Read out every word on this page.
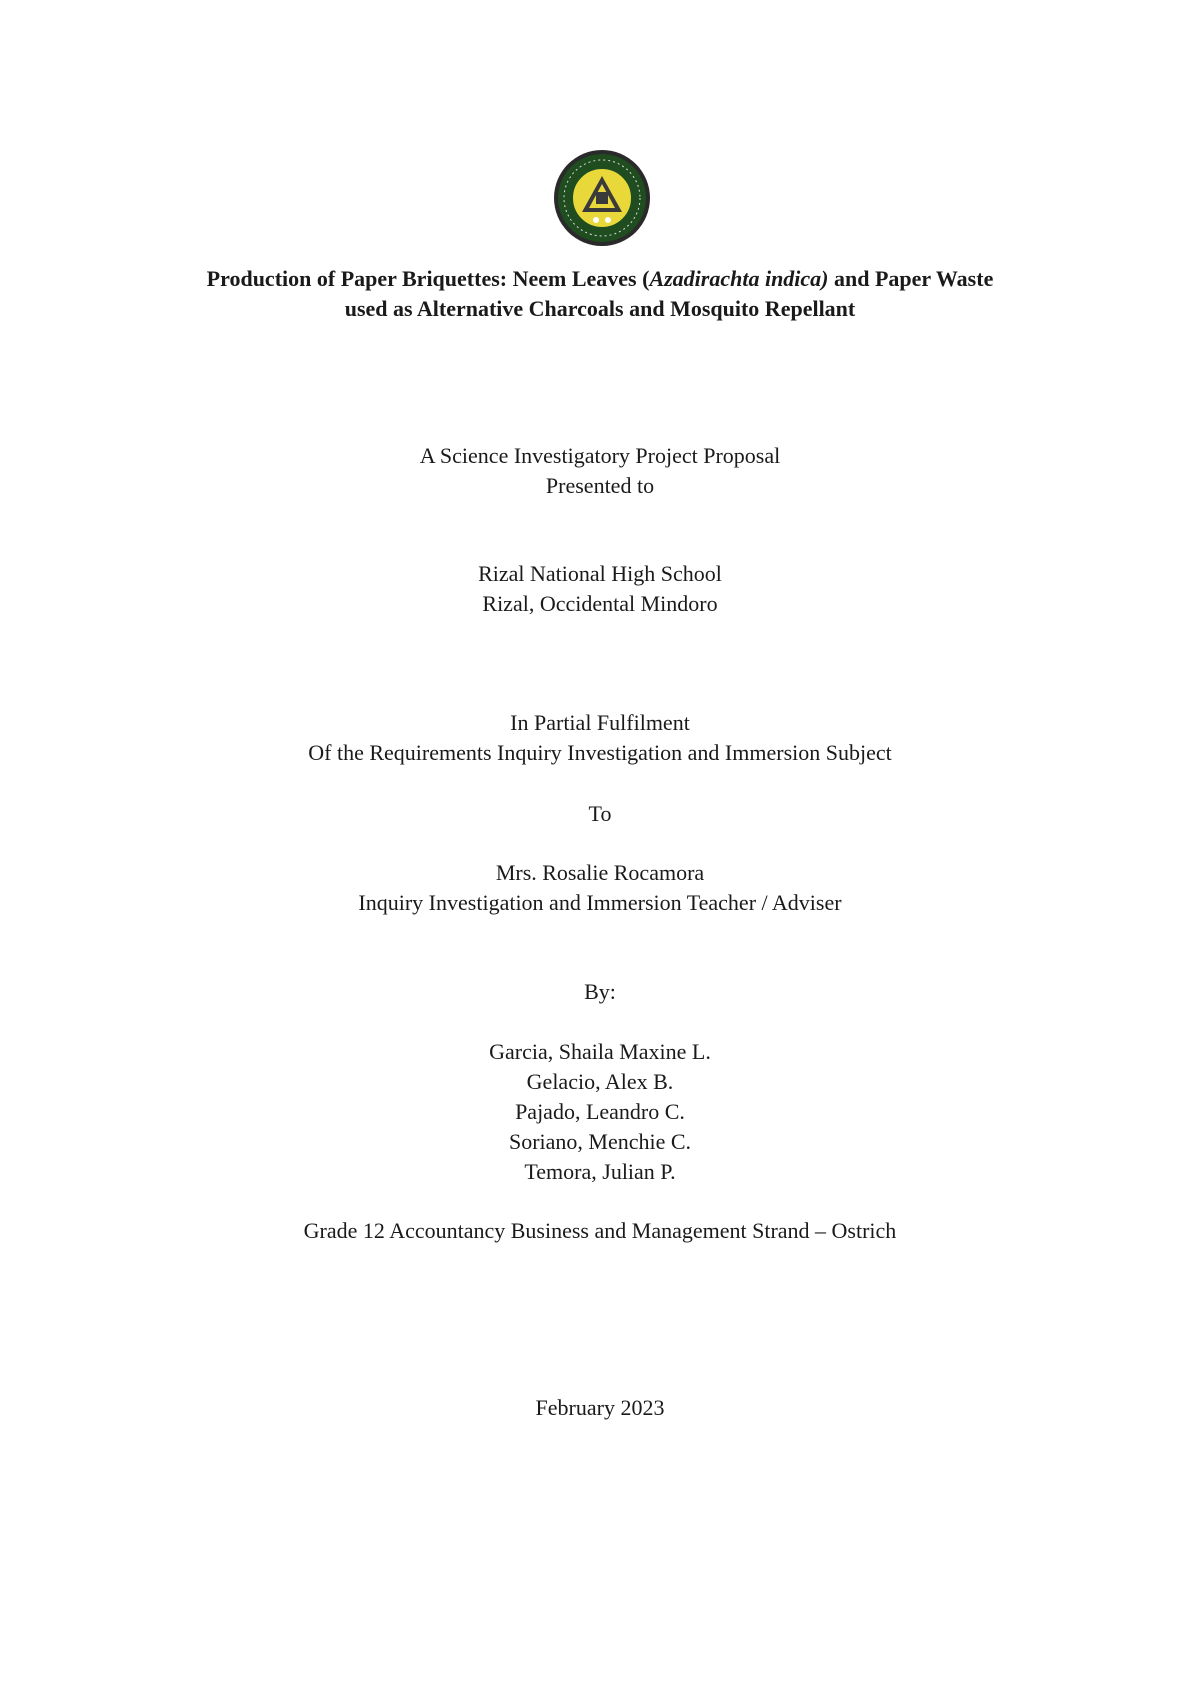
Production of Paper Briquettes: Neem Leaves (Azadirachta indica) and Paper Waste
used as Alternative Charcoals and Mosquito Repellant
A Science Investigatory Project Proposal
Presented to
Rizal National High School
Rizal, Occidental Mindoro
In Partial Fulfilment
Of the Requirements Inquiry Investigation and Immersion Subject
To
Mrs. Rosalie Rocamora
Inquiry Investigation and Immersion Teacher / Adviser
By:
Garcia, Shaila Maxine L.
Gelacio, Alex B.
Pajado, Leandro C.
Soriano, Menchie C.
Temora, Julian P.
Grade 12 Accountancy Business and Management Strand – Ostrich
February 2023
